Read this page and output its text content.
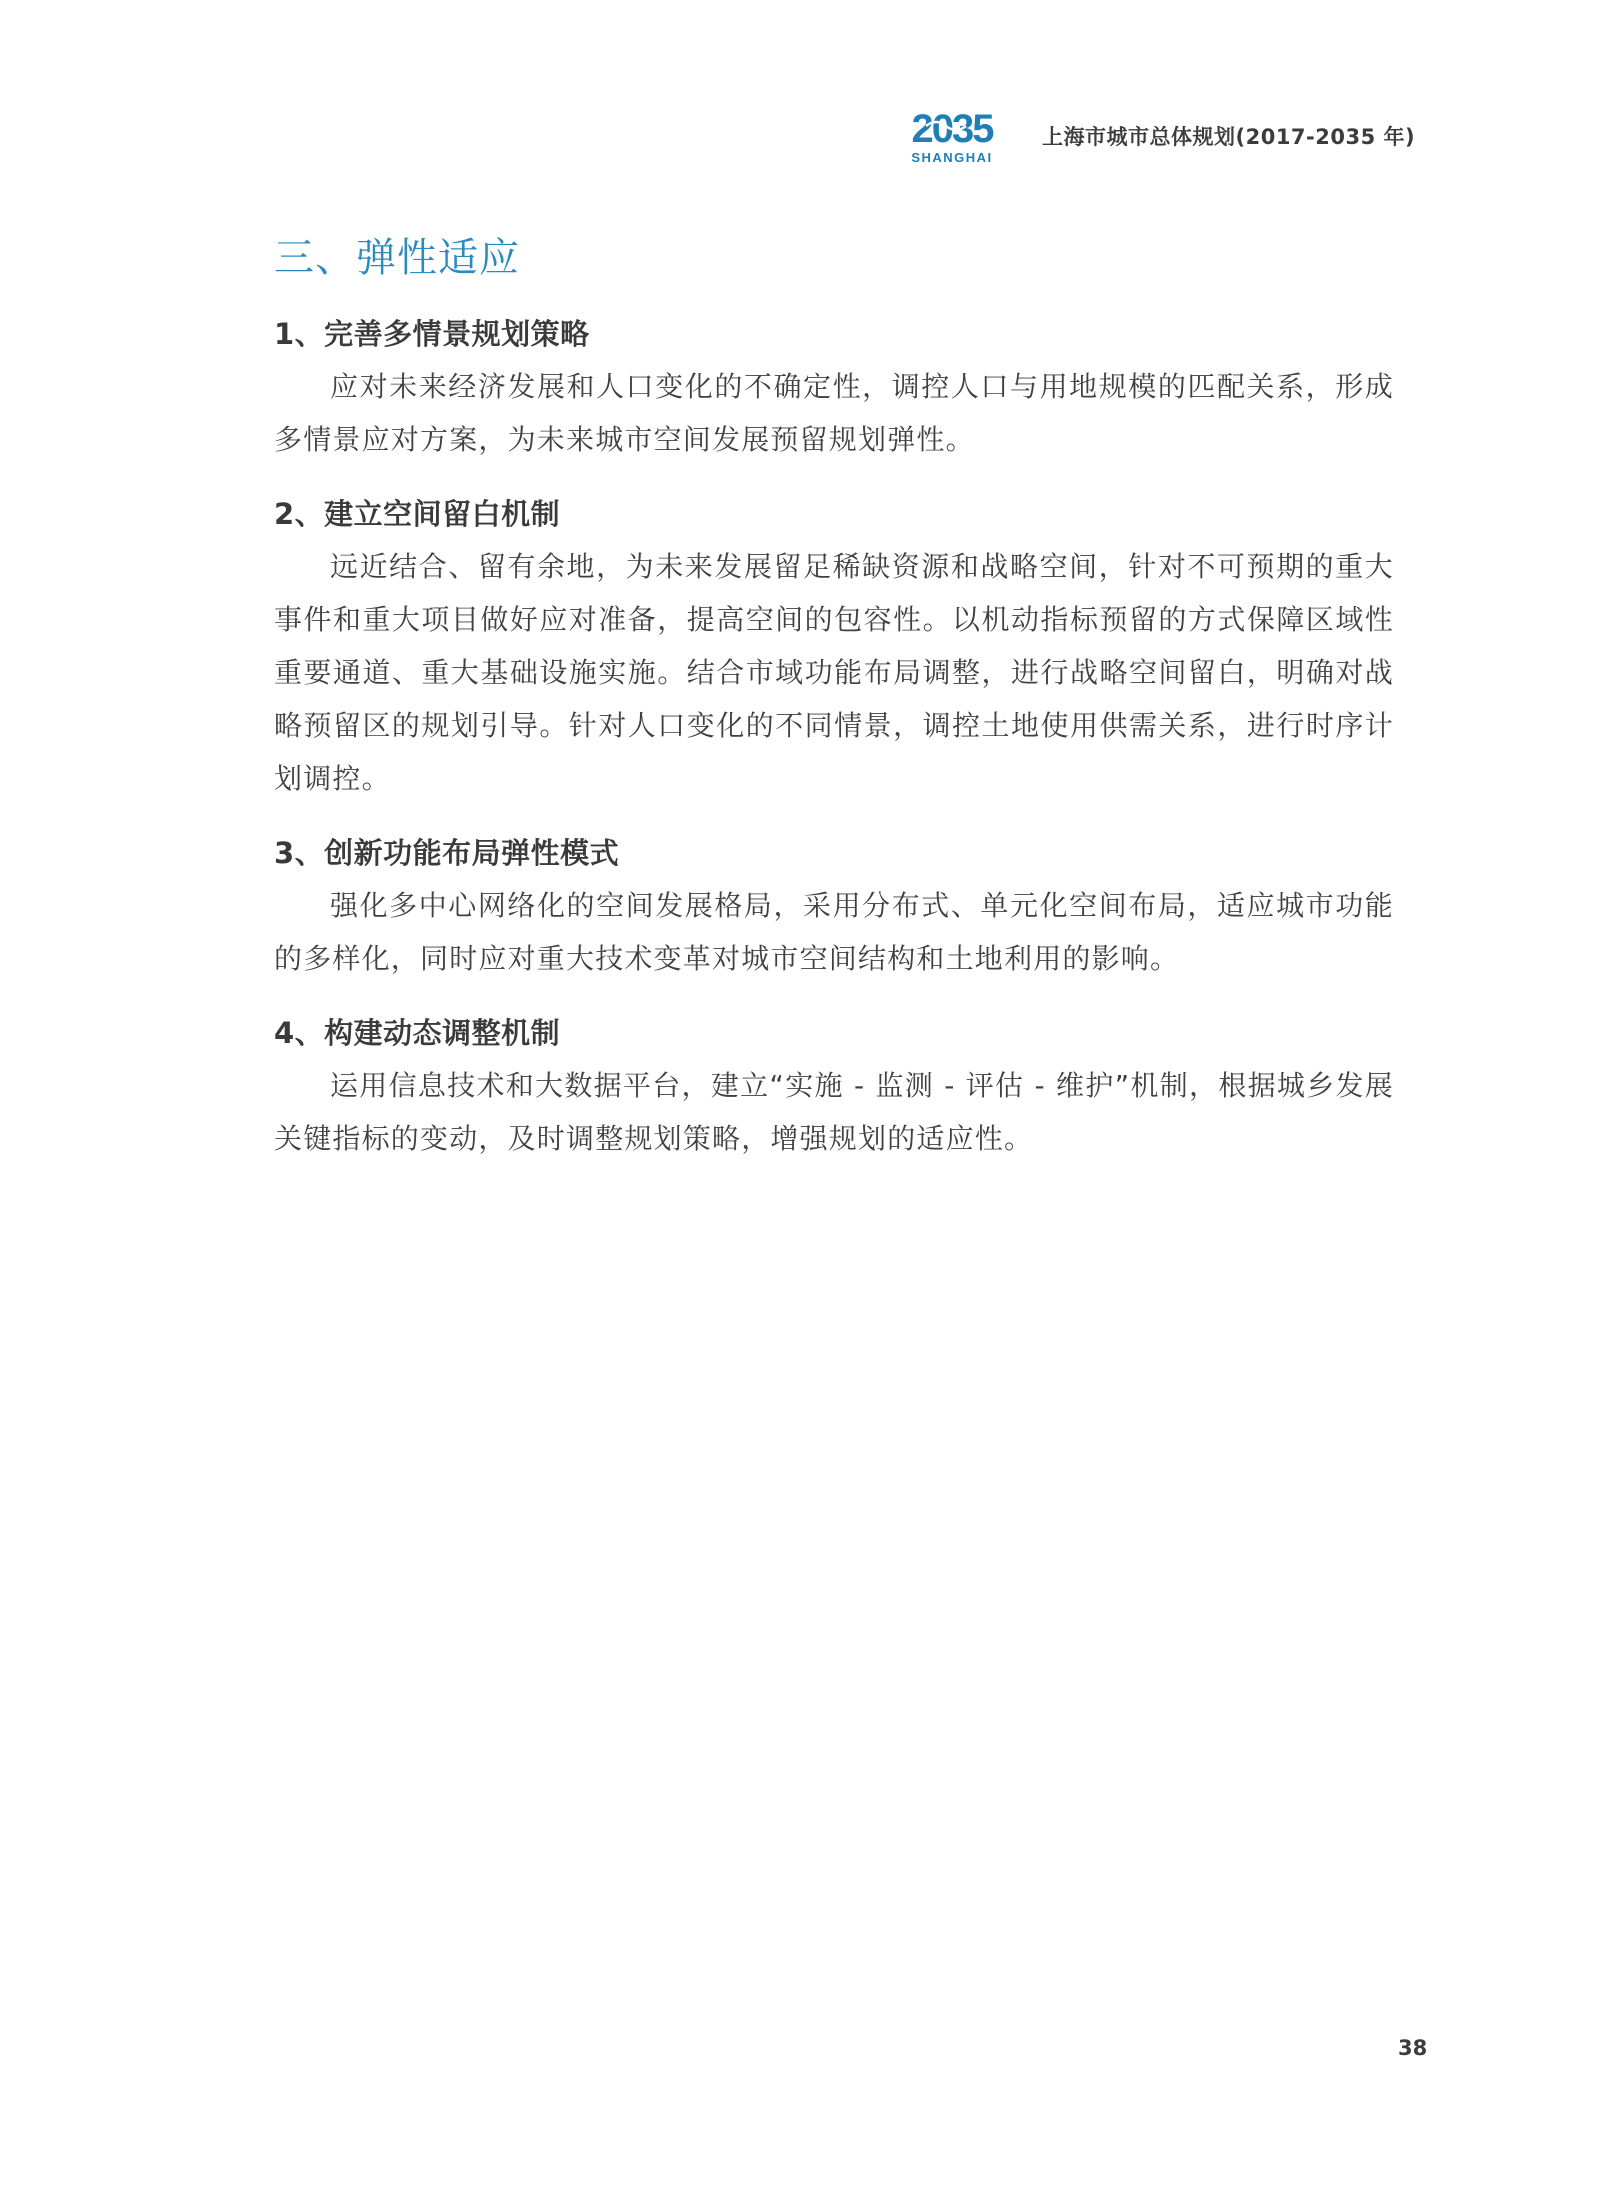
2035
SHANGHAI
上海市城市总体规划(2017-2035 年)
三、弹性适应
1、完善多情景规划策略

应对未来经济发展和人口变化的不确定性，调控人口与用地规模的匹配关系，形成多情景应对方案，为未来城市空间发展预留规划弹性。

2、建立空间留白机制

远近结合、留有余地，为未来发展留足稀缺资源和战略空间，针对不可预期的重大事件和重大项目做好应对准备，提高空间的包容性。以机动指标预留的方式保障区域性重要通道、重大基础设施实施。结合市域功能布局调整，进行战略空间留白，明确对战略预留区的规划引导。针对人口变化的不同情景，调控土地使用供需关系，进行时序计划调控。

3、创新功能布局弹性模式

强化多中心网络化的空间发展格局，采用分布式、单元化空间布局，适应城市功能的多样化，同时应对重大技术变革对城市空间结构和土地利用的影响。

4、构建动态调整机制

运用信息技术和大数据平台，建立“实施 - 监测 - 评估 - 维护”机制，根据城乡发展关键指标的变动，及时调整规划策略，增强规划的适应性。

38
